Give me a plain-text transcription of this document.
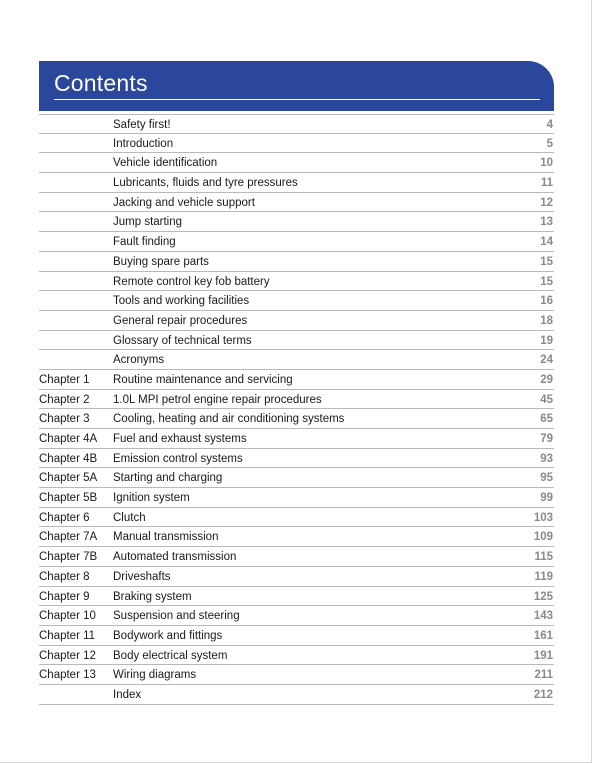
Contents
Safety first!	4
Introduction	5
Vehicle identification	10
Lubricants, fluids and tyre pressures	11
Jacking and vehicle support	12
Jump starting	13
Fault finding	14
Buying spare parts	15
Remote control key fob battery	15
Tools and working facilities	16
General repair procedures	18
Glossary of technical terms	19
Acronyms	24
Chapter 1 Routine maintenance and servicing	29
Chapter 2 1.0L MPI petrol engine repair procedures	45
Chapter 3 Cooling, heating and air conditioning systems	65
Chapter 4A Fuel and exhaust systems	79
Chapter 4B Emission control systems	93
Chapter 5A Starting and charging	95
Chapter 5B Ignition system	99
Chapter 6 Clutch	103
Chapter 7A Manual transmission	109
Chapter 7B Automated transmission	115
Chapter 8 Driveshafts	119
Chapter 9 Braking system	125
Chapter 10 Suspension and steering	143
Chapter 11 Bodywork and fittings	161
Chapter 12 Body electrical system	191
Chapter 13 Wiring diagrams	211
Index	212
